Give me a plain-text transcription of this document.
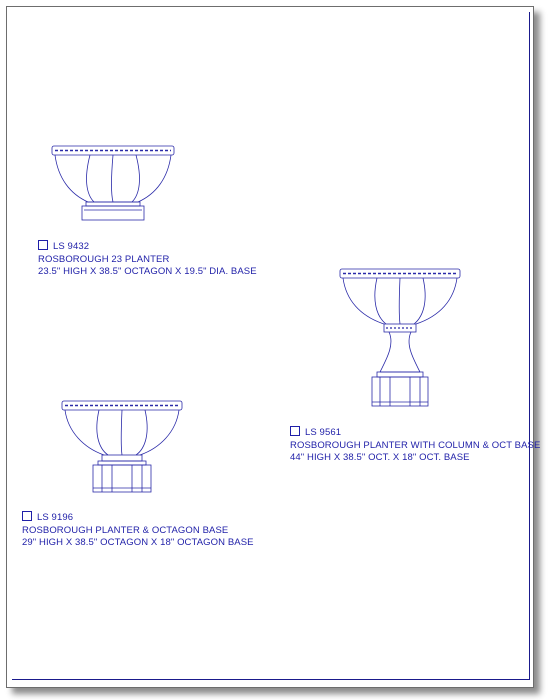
LS 9432
ROSBOROUGH 23 PLANTER
23.5" HIGH X 38.5" OCTAGON X 19.5" DIA. BASE
LS 9561
ROSBOROUGH PLANTER WITH COLUMN & OCT BASE
44" HIGH X 38.5" OCT. X 18" OCT. BASE
LS 9196
ROSBOROUGH PLANTER & OCTAGON BASE
29" HIGH X 38.5" OCTAGON X 18" OCTAGON BASE
